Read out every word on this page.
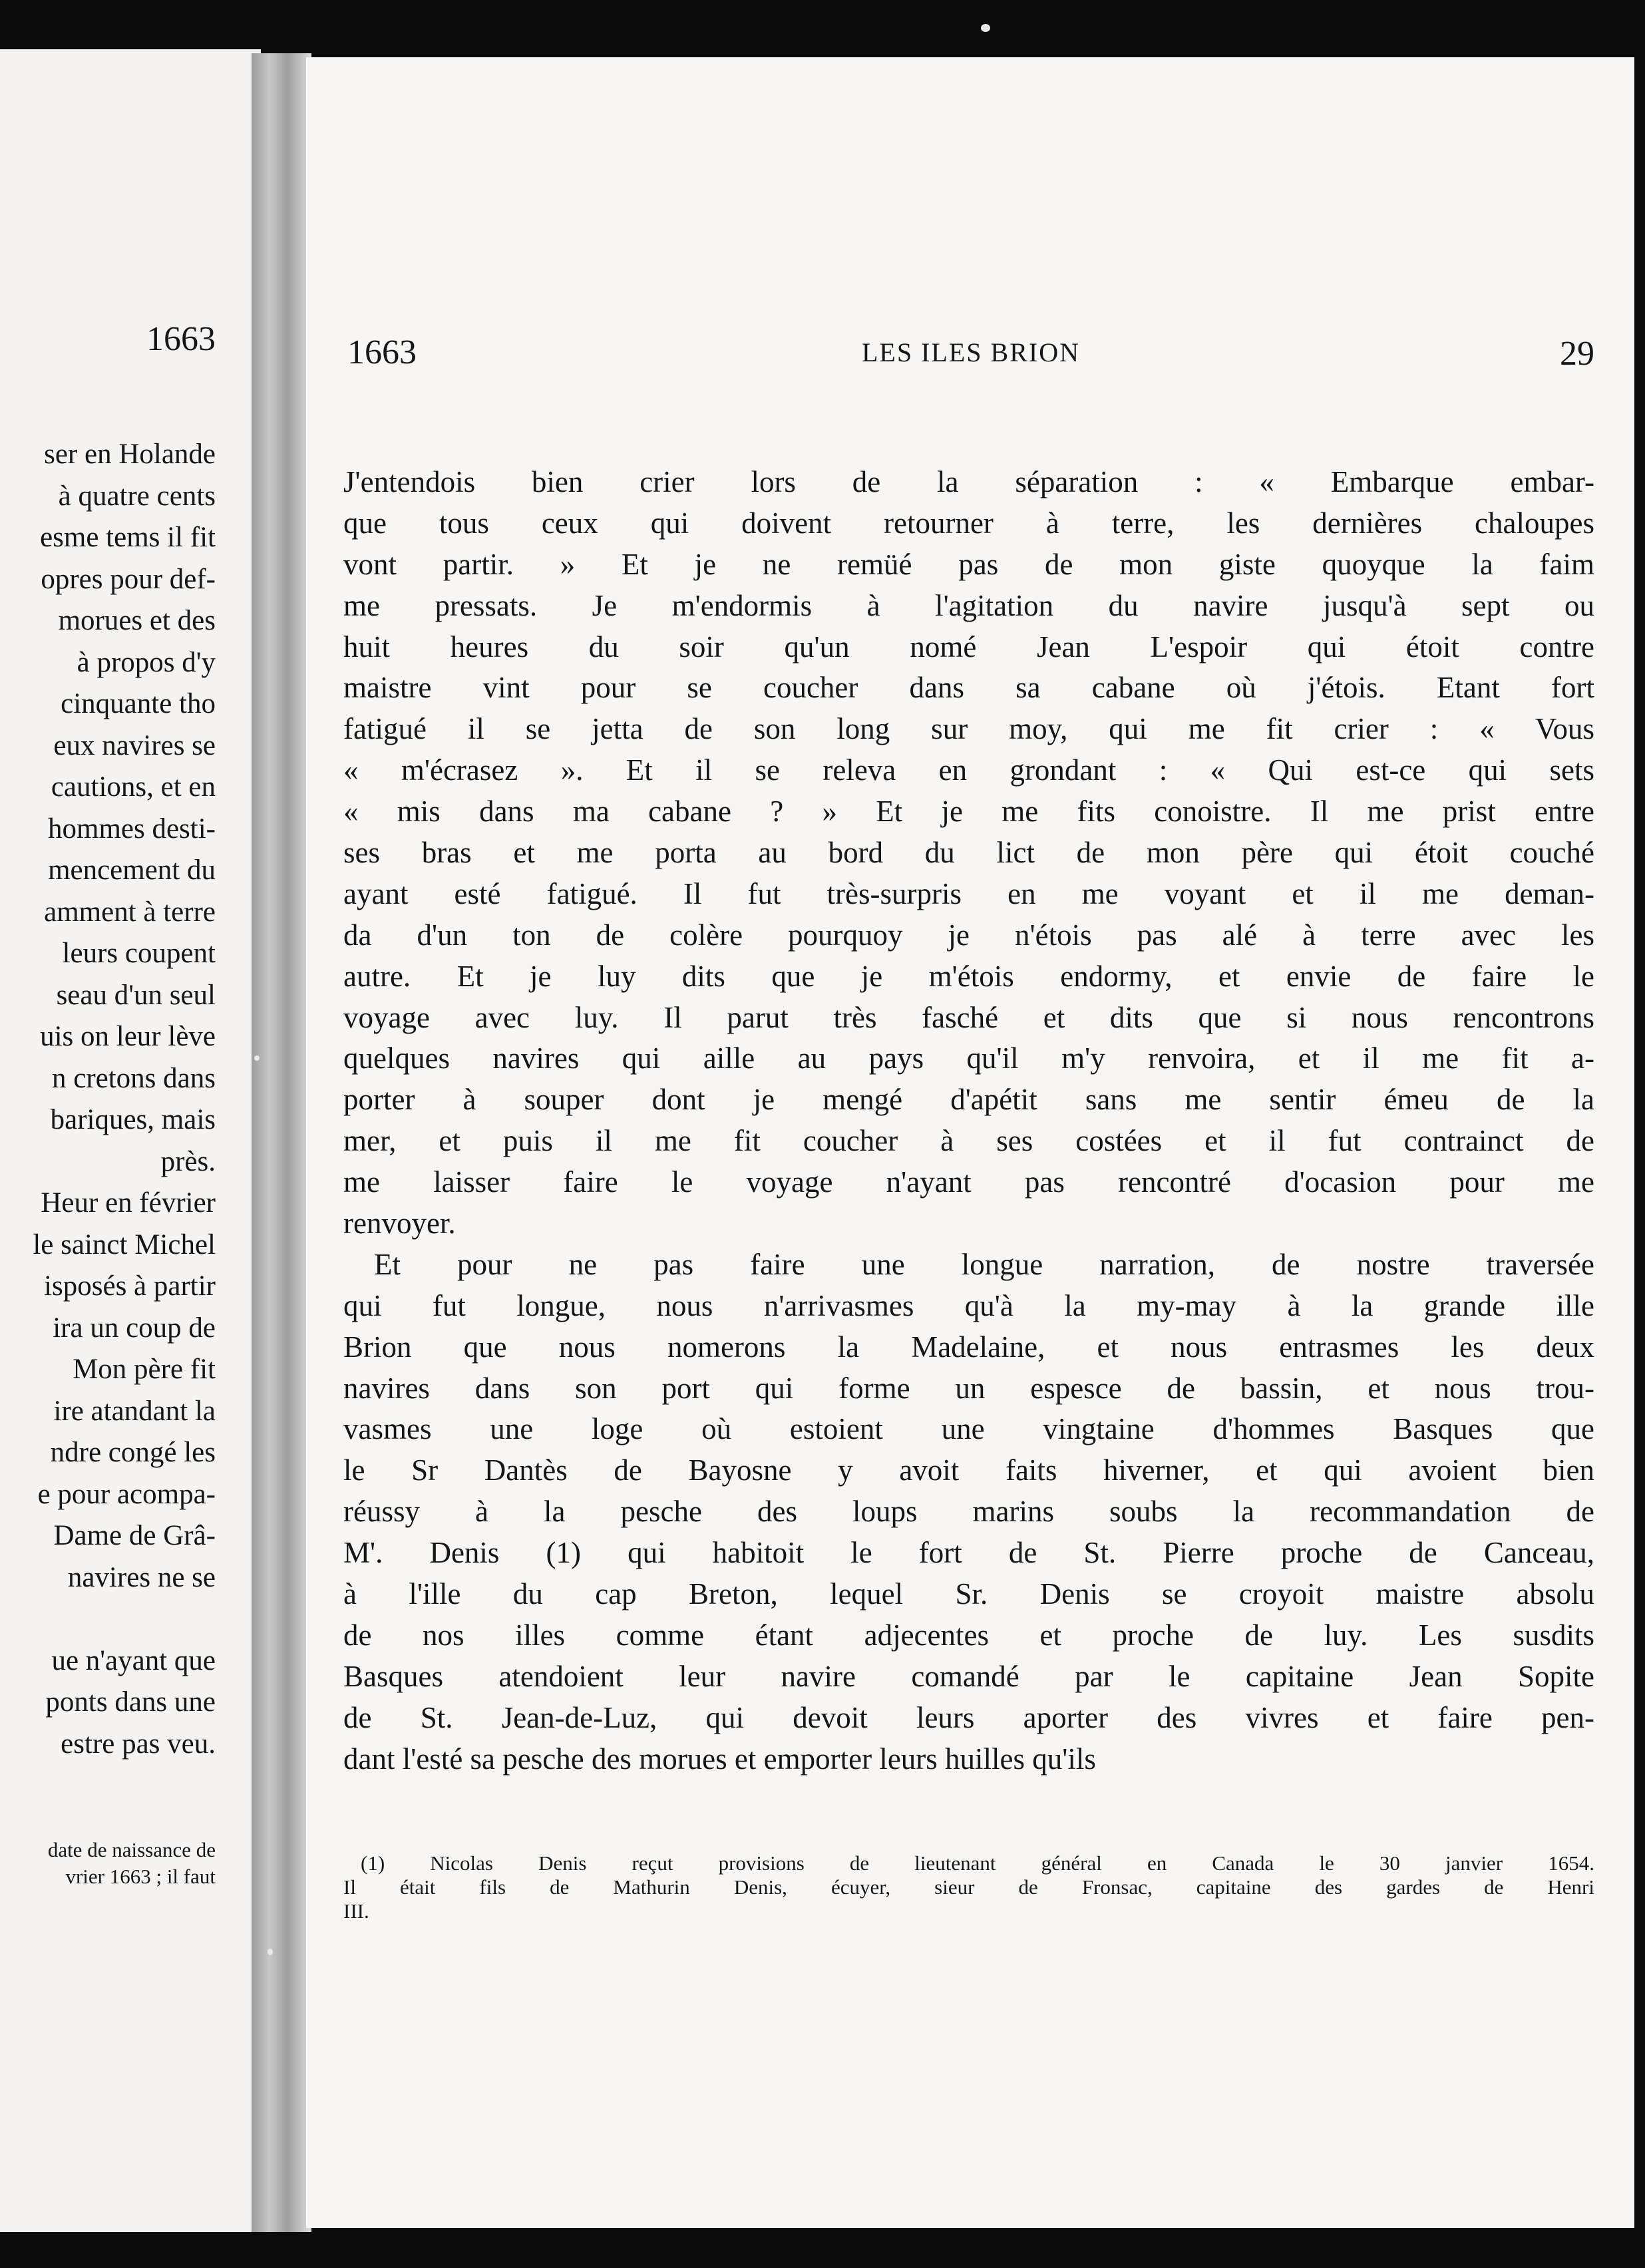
1663
ser en Holande
à quatre cents
esme tems il fit
opres pour def-
morues et des
à propos d'y
cinquante tho
eux navires se
cautions, et en
hommes desti-
mencement du
amment à terre
leurs coupent
seau d'un seul
uis on leur lève
n cretons dans
bariques, mais
près.
Heur en février
le sainct Michel
isposés à partir
ira un coup de
Mon père fit
ire atandant la
ndre congé les
e pour acompa-
Dame de Grâ-
navires ne se
ue n'ayant que
ponts dans une
estre pas veu.
date de naissance de
vrier 1663 ; il faut
1663	LES ILES BRION	29
J'entendois bien crier lors de la séparation : « Embarque embar-
que tous ceux qui doivent retourner à terre, les dernières chaloupes
vont partir. » Et je ne remüé pas de mon giste quoyque la faim
me pressats. Je m'endormis à l'agitation du navire jusqu'à sept ou
huit heures du soir qu'un nomé Jean L'espoir qui étoit contre
maistre vint pour se coucher dans sa cabane où j'étois. Etant fort
fatigué il se jetta de son long sur moy, qui me fit crier : « Vous
« m'écrasez ». Et il se releva en grondant : « Qui est-ce qui sets
« mis dans ma cabane ? » Et je me fits conoistre. Il me prist entre
ses bras et me porta au bord du lict de mon père qui étoit couché
ayant esté fatigué. Il fut très-surpris en me voyant et il me deman-
da d'un ton de colère pourquoy je n'étois pas alé à terre avec les
autre. Et je luy dits que je m'étois endormy, et envie de faire le
voyage avec luy. Il parut très fasché et dits que si nous rencontrons
quelques navires qui aille au pays qu'il m'y renvoira, et il me fit a-
porter à souper dont je mengé d'apétit sans me sentir émeu de la
mer, et puis il me fit coucher à ses costées et il fut contrainct de
me laisser faire le voyage n'ayant pas rencontré d'ocasion pour me
renvoyer.
Et pour ne pas faire une longue narration, de nostre traversée
qui fut longue, nous n'arrivasmes qu'à la my-may à la grande ille
Brion que nous nomerons la Madelaine, et nous entrasmes les deux
navires dans son port qui forme un espesce de bassin, et nous trou-
vasmes une loge où estoient une vingtaine d'hommes Basques que
le Sr Dantès de Bayosne y avoit faits hiverner, et qui avoient bien
réussy à la pesche des loups marins soubs la recommandation de
M'. Denis (1) qui habitoit le fort de St. Pierre proche de Canceau,
à l'ille du cap Breton, lequel Sr. Denis se croyoit maistre absolu
de nos illes comme étant adjecentes et proche de luy. Les susdits
Basques atendoient leur navire comandé par le capitaine Jean Sopite
de St. Jean-de-Luz, qui devoit leurs aporter des vivres et faire pen-
dant l'esté sa pesche des morues et emporter leurs huilles qu'ils
(1) Nicolas Denis reçut provisions de lieutenant général en Canada le 30 janvier 1654.
Il était fils de Mathurin Denis, écuyer, sieur de Fronsac, capitaine des gardes de Henri
III.
